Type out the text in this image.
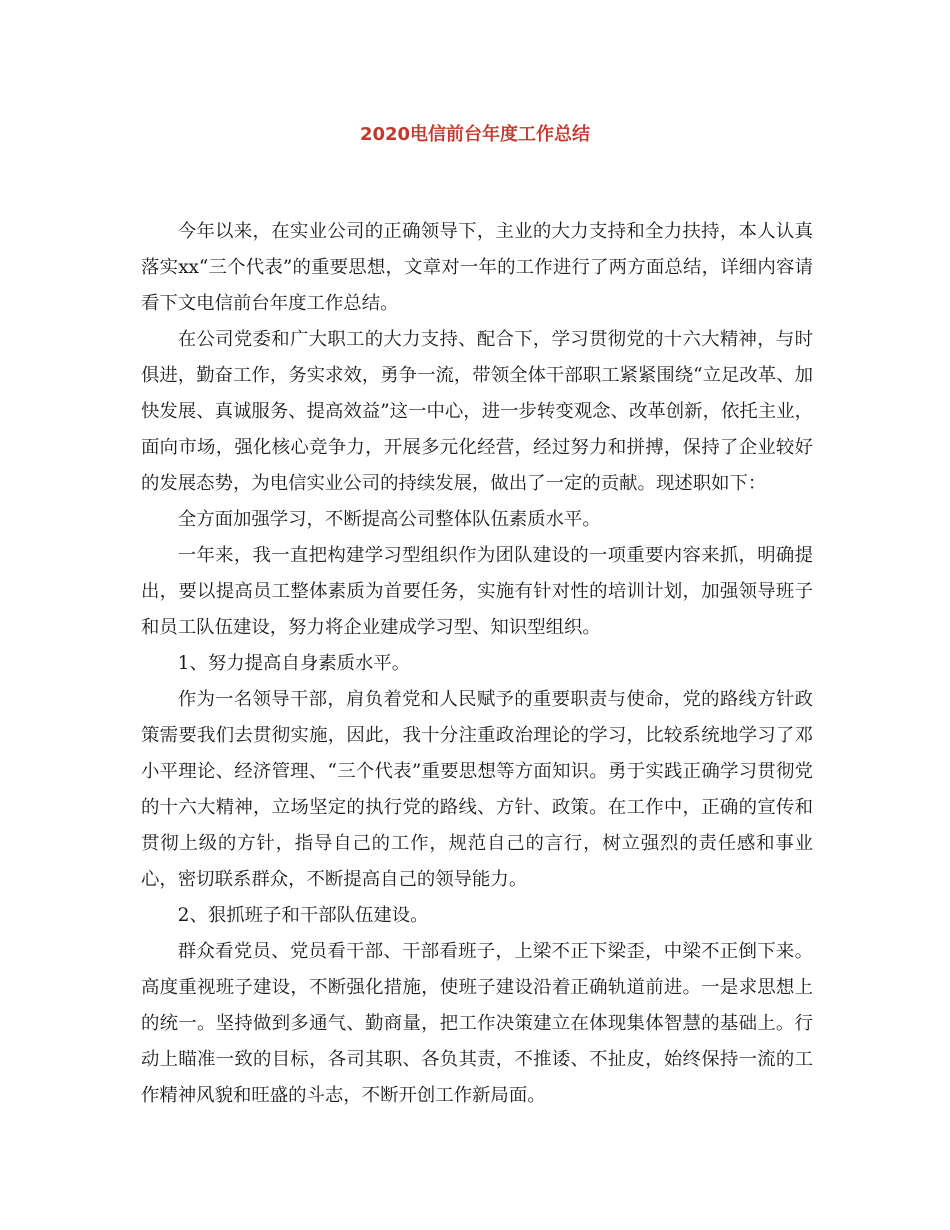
2020电信前台年度工作总结

今年以来，在实业公司的正确领导下，主业的大力支持和全力扶持，本人认真落实xx“三个代表”的重要思想，文章对一年的工作进行了两方面总结，详细内容请看下文电信前台年度工作总结。

在公司党委和广大职工的大力支持、配合下，学习贯彻党的十六大精神，与时俱进，勤奋工作，务实求效，勇争一流，带领全体干部职工紧紧围绕“立足改革、加快发展、真诚服务、提高效益”这一中心，进一步转变观念、改革创新，依托主业，面向市场，强化核心竞争力，开展多元化经营，经过努力和拼搏，保持了企业较好的发展态势，为电信实业公司的持续发展，做出了一定的贡献。现述职如下：

全方面加强学习，不断提高公司整体队伍素质水平。

一年来，我一直把构建学习型组织作为团队建设的一项重要内容来抓，明确提出，要以提高员工整体素质为首要任务，实施有针对性的培训计划，加强领导班子和员工队伍建设，努力将企业建成学习型、知识型组织。

1、努力提高自身素质水平。

作为一名领导干部，肩负着党和人民赋予的重要职责与使命，党的路线方针政策需要我们去贯彻实施，因此，我十分注重政治理论的学习，比较系统地学习了邓小平理论、经济管理、“三个代表”重要思想等方面知识。勇于实践正确学习贯彻党的十六大精神，立场坚定的执行党的路线、方针、政策。在工作中，正确的宣传和贯彻上级的方针，指导自己的工作，规范自己的言行，树立强烈的责任感和事业心，密切联系群众，不断提高自己的领导能力。

2、狠抓班子和干部队伍建设。

群众看党员、党员看干部、干部看班子，上梁不正下梁歪，中梁不正倒下来。高度重视班子建设，不断强化措施，使班子建设沿着正确轨道前进。一是求思想上的统一。坚持做到多通气、勤商量，把工作决策建立在体现集体智慧的基础上。行动上瞄准一致的目标，各司其职、各负其责，不推诿、不扯皮，始终保持一流的工作精神风貌和旺盛的斗志，不断开创工作新局面。
